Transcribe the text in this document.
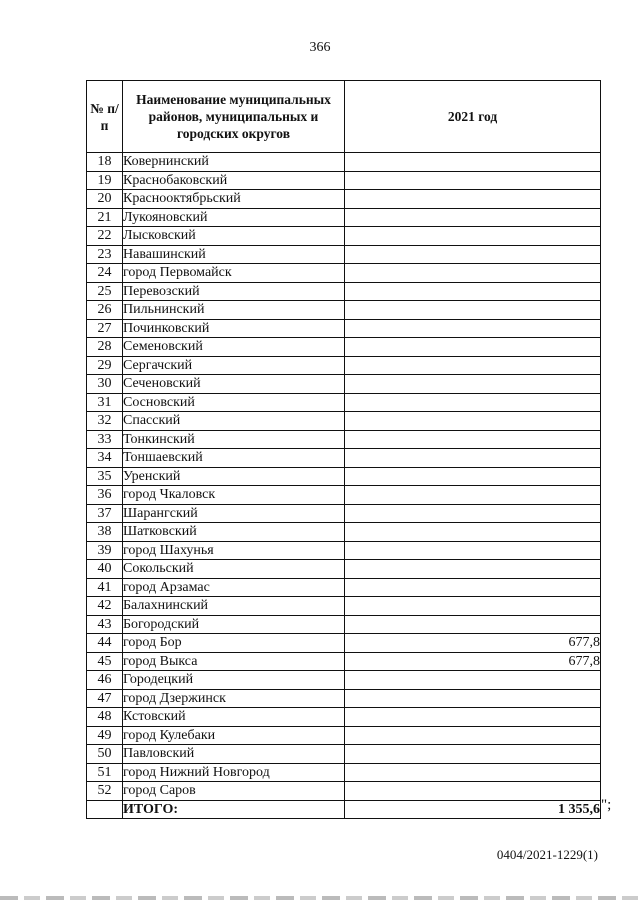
366
№ п/п	Наименование муниципальных районов, муниципальных и городских округов	2021 год
18	Ковернинский	
19	Краснобаковский	
20	Краснооктябрьский	
21	Лукояновский	
22	Лысковский	
23	Навашинский	
24	город Первомайск	
25	Перевозский	
26	Пильнинский	
27	Починковский	
28	Семеновский	
29	Сергачский	
30	Сеченовский	
31	Сосновский	
32	Спасский	
33	Тонкинский	
34	Тоншаевский	
35	Уренский	
36	город Чкаловск	
37	Шарангский	
38	Шатковский	
39	город Шахунья	
40	Сокольский	
41	город Арзамас	
42	Балахнинский	
43	Богородский	
44	город Бор	677,8
45	город Выкса	677,8
46	Городецкий	
47	город Дзержинск	
48	Кстовский	
49	город Кулебаки	
50	Павловский	
51	город Нижний Новгород	
52	город Саров	
	ИТОГО:	1 355,6 ";
0404/2021-1229(1)
